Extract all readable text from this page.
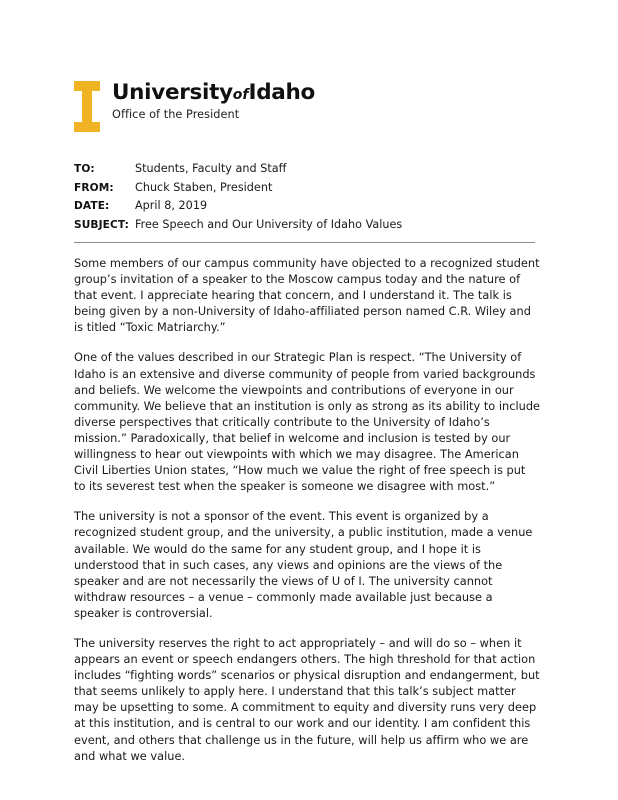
UniversityofIdaho
Office of the President
TO:	Students, Faculty and Staff
FROM:	Chuck Staben, President
DATE:	April 8, 2019
SUBJECT: Free Speech and Our University of Idaho Values

Some members of our campus community have objected to a recognized student group’s invitation of a speaker to the Moscow campus today and the nature of that event. I appreciate hearing that concern, and I understand it. The talk is being given by a non-University of Idaho-affiliated person named C.R. Wiley and is titled “Toxic Matriarchy.”

One of the values described in our Strategic Plan is respect. “The University of Idaho is an extensive and diverse community of people from varied backgrounds and beliefs. We welcome the viewpoints and contributions of everyone in our community. We believe that an institution is only as strong as its ability to include diverse perspectives that critically contribute to the University of Idaho’s mission.” Paradoxically, that belief in welcome and inclusion is tested by our willingness to hear out viewpoints with which we may disagree. The American Civil Liberties Union states, “How much we value the right of free speech is put to its severest test when the speaker is someone we disagree with most.”

The university is not a sponsor of the event. This event is organized by a recognized student group, and the university, a public institution, made a venue available. We would do the same for any student group, and I hope it is understood that in such cases, any views and opinions are the views of the speaker and are not necessarily the views of U of I. The university cannot withdraw resources – a venue – commonly made available just because a speaker is controversial.

The university reserves the right to act appropriately – and will do so – when it appears an event or speech endangers others. The high threshold for that action includes “fighting words” scenarios or physical disruption and endangerment, but that seems unlikely to apply here. I understand that this talk’s subject matter may be upsetting to some. A commitment to equity and diversity runs very deep at this institution, and is central to our work and our identity. I am confident this event, and others that challenge us in the future, will help us affirm who we are and what we value.
